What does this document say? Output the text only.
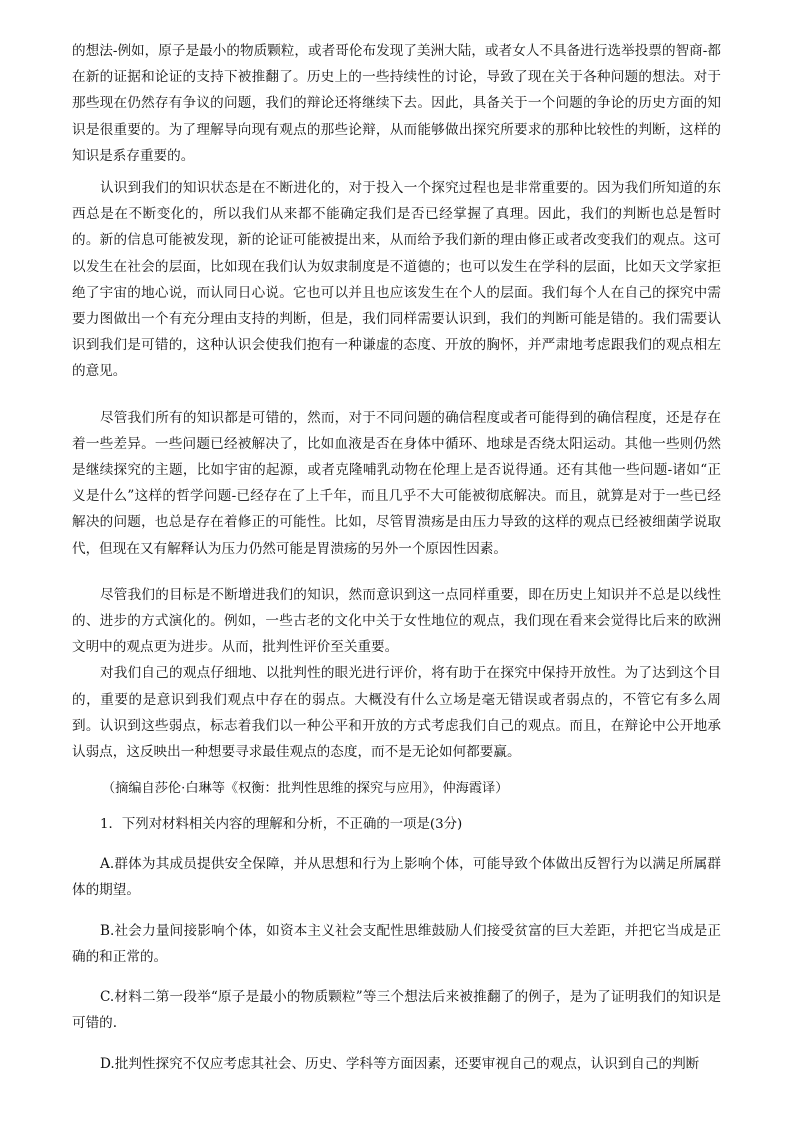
的想法-例如，原子是最小的物质颗粒，或者哥伦布发现了美洲大陆，或者女人不具备进行选举投票的智商-都在新的证据和论证的支持下被推翻了。历史上的一些持续性的讨论，导致了现在关于各种问题的想法。对于那些现在仍然存有争议的问题，我们的辩论还将继续下去。因此，具备关于一个问题的争论的历史方面的知识是很重要的。为了理解导向现有观点的那些论辩，从而能够做出探究所要求的那种比较性的判断，这样的知识是系存重要的。
认识到我们的知识状态是在不断进化的，对于投入一个探究过程也是非常重要的。因为我们所知道的东西总是在不断变化的，所以我们从来都不能确定我们是否已经掌握了真理。因此，我们的判断也总是暂时的。新的信息可能被发现，新的论证可能被提出来，从而给予我们新的理由修正或者改变我们的观点。这可以发生在社会的层面，比如现在我们认为奴隶制度是不道德的；也可以发生在学科的层面，比如天文学家拒绝了宇宙的地心说，而认同日心说。它也可以并且也应该发生在个人的层面。我们每个人在自己的探究中需要力图做出一个有充分理由支持的判断，但是，我们同样需要认识到，我们的判断可能是错的。我们需要认识到我们是可错的，这种认识会使我们抱有一种谦虚的态度、开放的胸怀，并严肃地考虑跟我们的观点相左的意见。
尽管我们所有的知识都是可错的，然而，对于不同问题的确信程度或者可能得到的确信程度，还是存在着一些差异。一些问题已经被解决了，比如血液是否在身体中循环、地球是否绕太阳运动。其他一些则仍然是继续探究的主题，比如宇宙的起源，或者克隆哺乳动物在伦理上是否说得通。还有其他一些问题-诸如“正义是什么”这样的哲学问题-已经存在了上千年，而且几乎不大可能被彻底解决。而且，就算是对于一些已经解决的问题，也总是存在着修正的可能性。比如，尽管胃溃疡是由压力导致的这样的观点已经被细菌学说取代，但现在又有解释认为压力仍然可能是胃溃疡的另外一个原因性因素。
尽管我们的目标是不断增进我们的知识，然而意识到这一点同样重要，即在历史上知识并不总是以线性的、进步的方式演化的。例如，一些古老的文化中关于女性地位的观点，我们现在看来会觉得比后来的欧洲文明中的观点更为进步。从而，批判性评价至关重要。
对我们自己的观点仔细地、以批判性的眼光进行评价，将有助于在探究中保持开放性。为了达到这个目的，重要的是意识到我们观点中存在的弱点。大概没有什么立场是毫无错误或者弱点的，不管它有多么周到。认识到这些弱点，标志着我们以一种公平和开放的方式考虑我们自己的观点。而且，在辩论中公开地承认弱点，这反映出一种想要寻求最佳观点的态度，而不是无论如何都要赢。
（摘编自莎伦·白琳等《权衡：批判性思维的探究与应用》，仲海霞译）
1．下列对材料相关内容的理解和分析，不正确的一项是(3分)
A.群体为其成员提供安全保障，并从思想和行为上影响个体，可能导致个体做出反智行为以满足所属群体的期望。
B.社会力量间接影响个体，如资本主义社会支配性思维鼓励人们接受贫富的巨大差距，并把它当成是正确的和正常的。
C.材料二第一段举“原子是最小的物质颗粒”等三个想法后来被推翻了的例子，是为了证明我们的知识是可错的.
D.批判性探究不仅应考虑其社会、历史、学科等方面因素，还要审视自己的观点，认识到自己的判断
